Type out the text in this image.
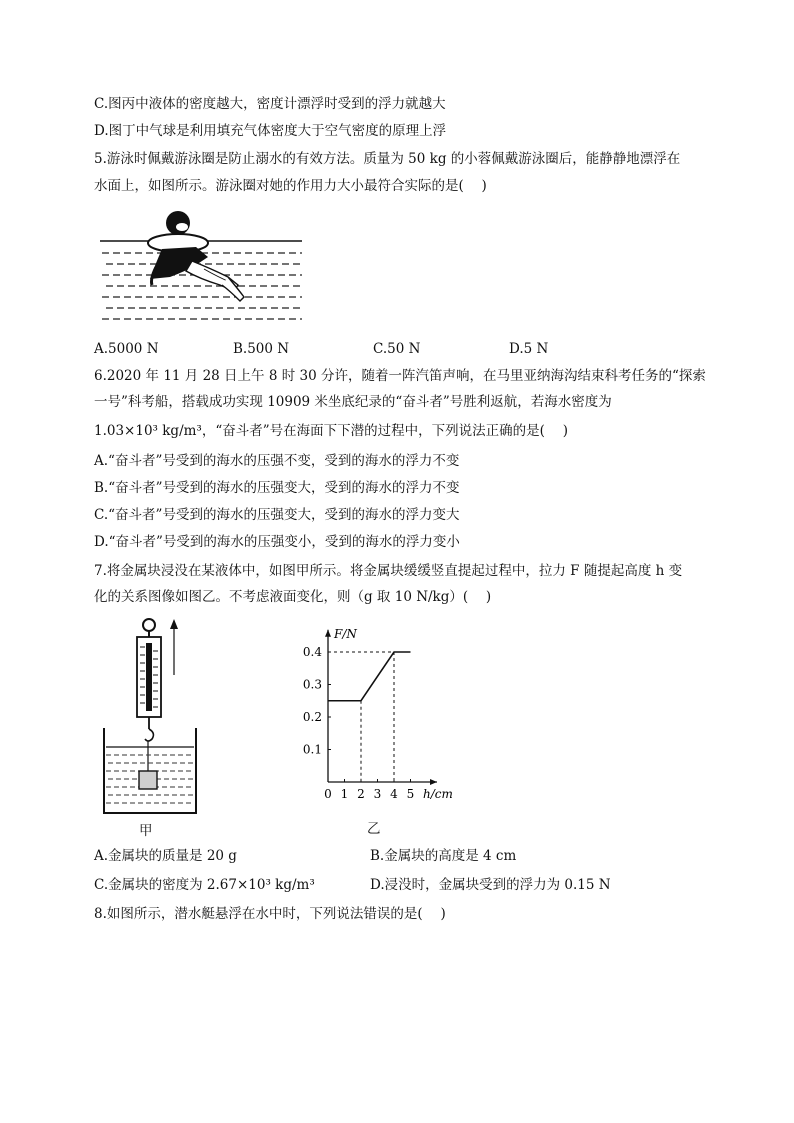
C.图丙中液体的密度越大，密度计漂浮时受到的浮力就越大
D.图丁中气球是利用填充气体密度大于空气密度的原理上浮
5.游泳时佩戴游泳圈是防止溺水的有效方法。质量为 50 kg 的小蓉佩戴游泳圈后，能静静地漂浮在
水面上，如图所示。游泳圈对她的作用力大小最符合实际的是(　 )
A.5000 N	B.500 N	C.50 N	D.5 N
6.2020 年 11 月 28 日上午 8 时 30 分许，随着一阵汽笛声响，在马里亚纳海沟结束科考任务的“探索
一号”科考船，搭载成功实现 10909 米坐底纪录的“奋斗者”号胜利返航，若海水密度为
1.03×10³ kg/m³，“奋斗者”号在海面下下潜的过程中，下列说法正确的是(　 )
A.“奋斗者”号受到的海水的压强不变，受到的海水的浮力不变
B.“奋斗者”号受到的海水的压强变大，受到的海水的浮力不变
C.“奋斗者”号受到的海水的压强变大，受到的海水的浮力变大
D.“奋斗者”号受到的海水的压强变小，受到的海水的浮力变小
7.将金属块浸没在某液体中，如图甲所示。将金属块缓缓竖直提起过程中，拉力 F 随提起高度 h 变
化的关系图像如图乙。不考虑液面变化，则（g 取 10 N/kg）(　 )
甲
0 1 2 3 4 5
0.1
0.2
0.3
0.4
h/cm
F/N
乙
A.金属块的质量是 20 g	B.金属块的高度是 4 cm
C.金属块的密度为 2.67×10³ kg/m³	D.浸没时，金属块受到的浮力为 0.15 N
8.如图所示，潜水艇悬浮在水中时，下列说法错误的是(　 )
